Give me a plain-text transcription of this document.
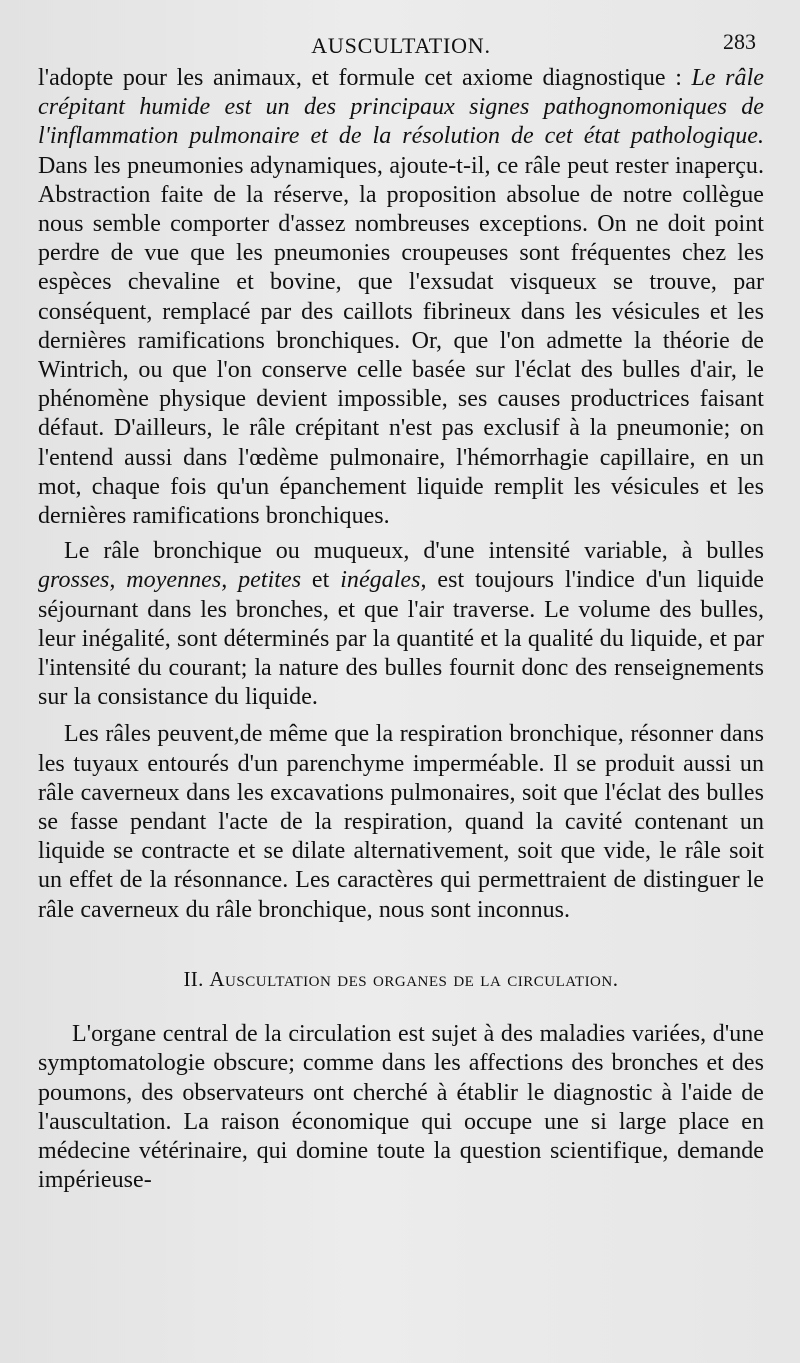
AUSCULTATION.	283

l'adopte pour les animaux, et formule cet axiome diagnostique : Le râle crépitant humide est un des principaux signes pathognomoniques de l'inflammation pulmonaire et de la résolution de cet état pathologique. Dans les pneumonies adynamiques, ajoute-t-il, ce râle peut rester inaperçu. Abstraction faite de la réserve, la proposition absolue de notre collègue nous semble comporter d'assez nombreuses exceptions. On ne doit point perdre de vue que les pneumonies croupeuses sont fréquentes chez les espèces chevaline et bovine, que l'exsudat visqueux se trouve, par conséquent, remplacé par des caillots fibrineux dans les vésicules et les dernières ramifications bronchiques. Or, que l'on admette la théorie de Wintrich, ou que l'on conserve celle basée sur l'éclat des bulles d'air, le phénomène physique devient impossible, ses causes productrices faisant défaut. D'ailleurs, le râle crépitant n'est pas exclusif à la pneumonie; on l'entend aussi dans l'œdème pulmonaire, l'hémorrhagie capillaire, en un mot, chaque fois qu'un épanchement liquide remplit les vésicules et les dernières ramifications bronchiques.

Le râle bronchique ou muqueux, d'une intensité variable, à bulles grosses, moyennes, petites et inégales, est toujours l'indice d'un liquide séjournant dans les bronches, et que l'air traverse. Le volume des bulles, leur inégalité, sont déterminés par la quantité et la qualité du liquide, et par l'intensité du courant; la nature des bulles fournit donc des renseignements sur la consistance du liquide.

Les râles peuvent,de même que la respiration bronchique, résonner dans les tuyaux entourés d'un parenchyme imperméable. Il se produit aussi un râle caverneux dans les excavations pulmonaires, soit que l'éclat des bulles se fasse pendant l'acte de la respiration, quand la cavité contenant un liquide se contracte et se dilate alternativement, soit que vide, le râle soit un effet de la résonnance. Les caractères qui permettraient de distinguer le râle caverneux du râle bronchique, nous sont inconnus.

II. Auscultation des organes de la circulation.

L'organe central de la circulation est sujet à des maladies variées, d'une symptomatologie obscure; comme dans les affections des bronches et des poumons, des observateurs ont cherché à établir le diagnostic à l'aide de l'auscultation. La raison économique qui occupe une si large place en médecine vétérinaire, qui domine toute la question scientifique, demande impérieuse-
